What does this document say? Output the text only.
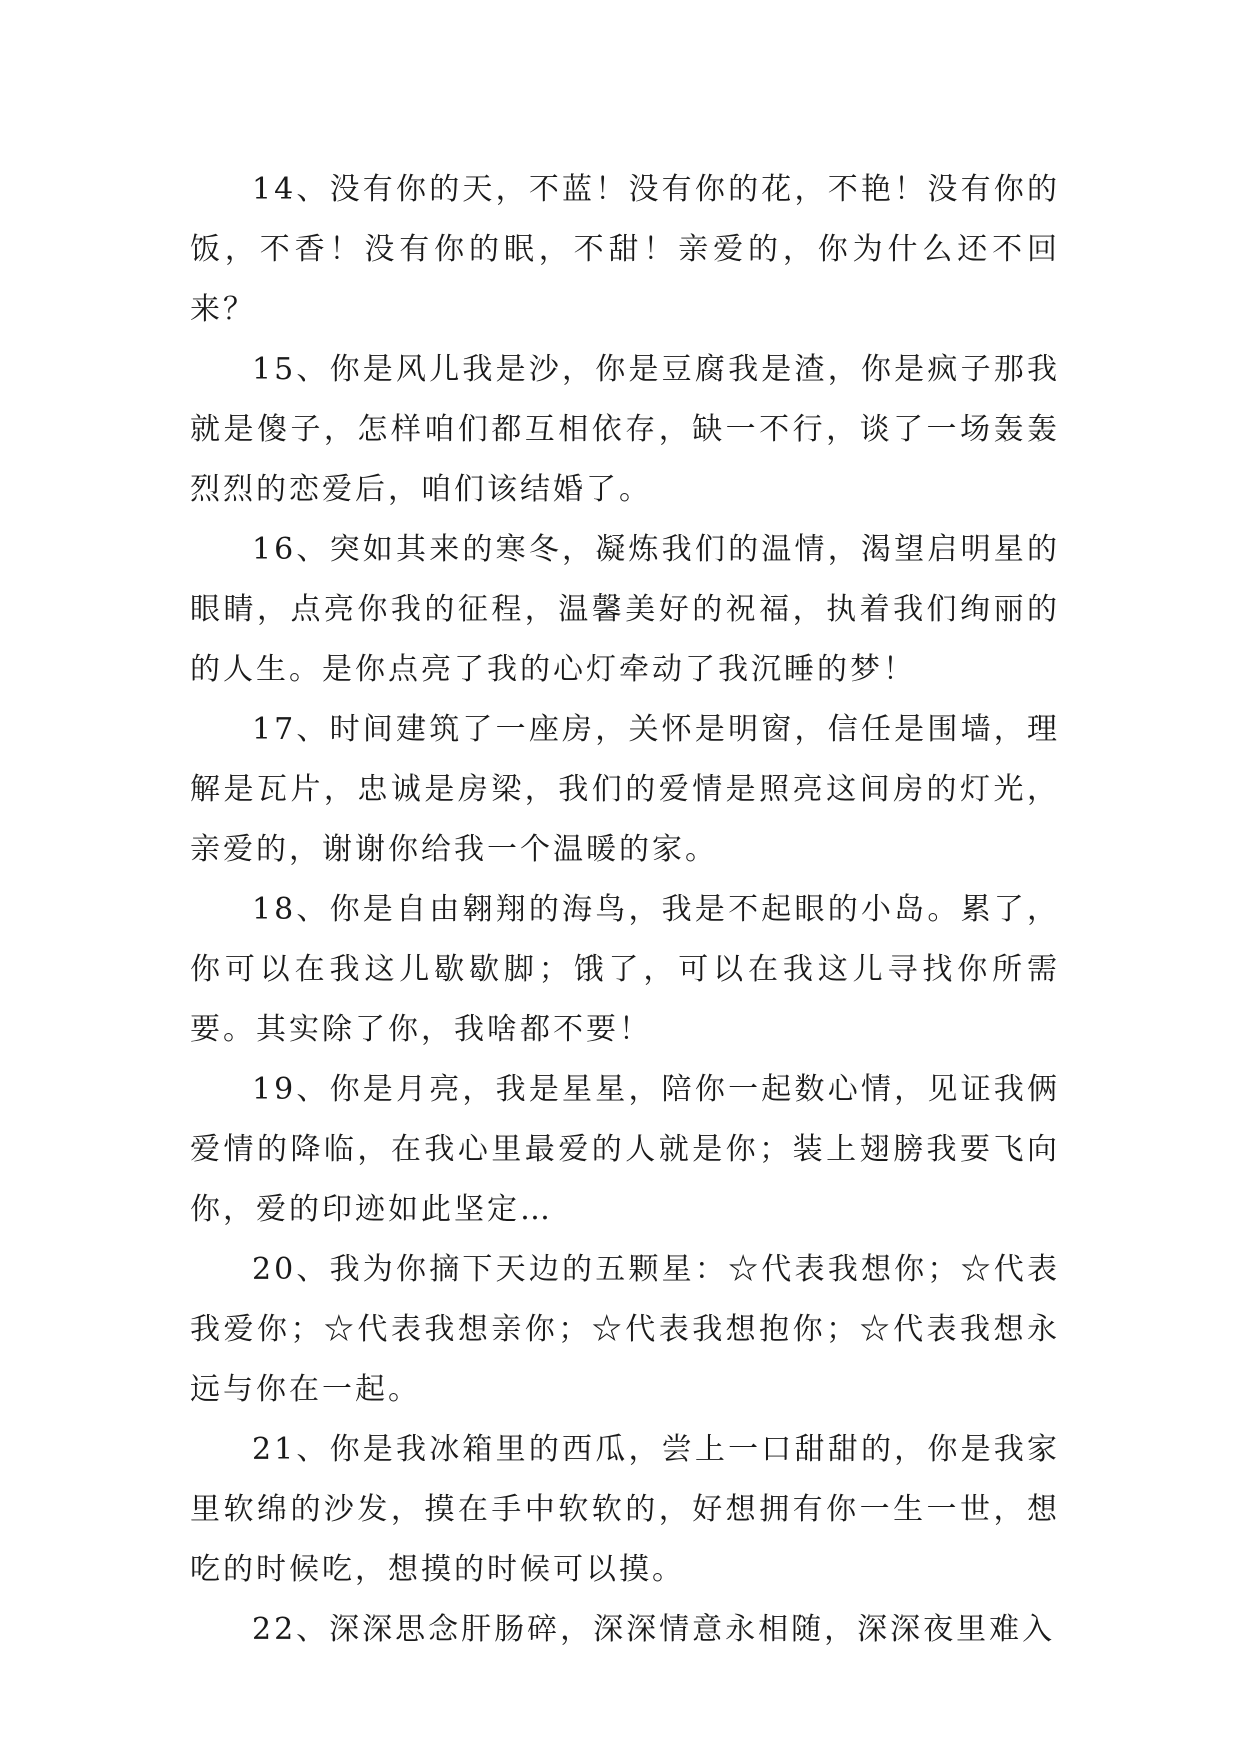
14、没有你的天，不蓝！没有你的花，不艳！没有你的饭，不香！没有你的眠，不甜！亲爱的，你为什么还不回来？

15、你是风儿我是沙，你是豆腐我是渣，你是疯子那我就是傻子，怎样咱们都互相依存，缺一不行，谈了一场轰轰烈烈的恋爱后，咱们该结婚了。

16、突如其来的寒冬，凝炼我们的温情，渴望启明星的眼睛，点亮你我的征程，温馨美好的祝福，执着我们绚丽的的人生。是你点亮了我的心灯牵动了我沉睡的梦！

17、时间建筑了一座房，关怀是明窗，信任是围墙，理解是瓦片，忠诚是房梁，我们的爱情是照亮这间房的灯光，亲爱的，谢谢你给我一个温暖的家。

18、你是自由翱翔的海鸟，我是不起眼的小岛。累了，你可以在我这儿歇歇脚；饿了，可以在我这儿寻找你所需要。其实除了你，我啥都不要！

19、你是月亮，我是星星，陪你一起数心情，见证我俩爱情的降临，在我心里最爱的人就是你；装上翅膀我要飞向你，爱的印迹如此坚定…

20、我为你摘下天边的五颗星：☆代表我想你；☆代表我爱你；☆代表我想亲你；☆代表我想抱你；☆代表我想永远与你在一起。

21、你是我冰箱里的西瓜，尝上一口甜甜的，你是我家里软绵的沙发，摸在手中软软的，好想拥有你一生一世，想吃的时候吃，想摸的时候可以摸。

22、深深思念肝肠碎，深深情意永相随，深深夜里难入
